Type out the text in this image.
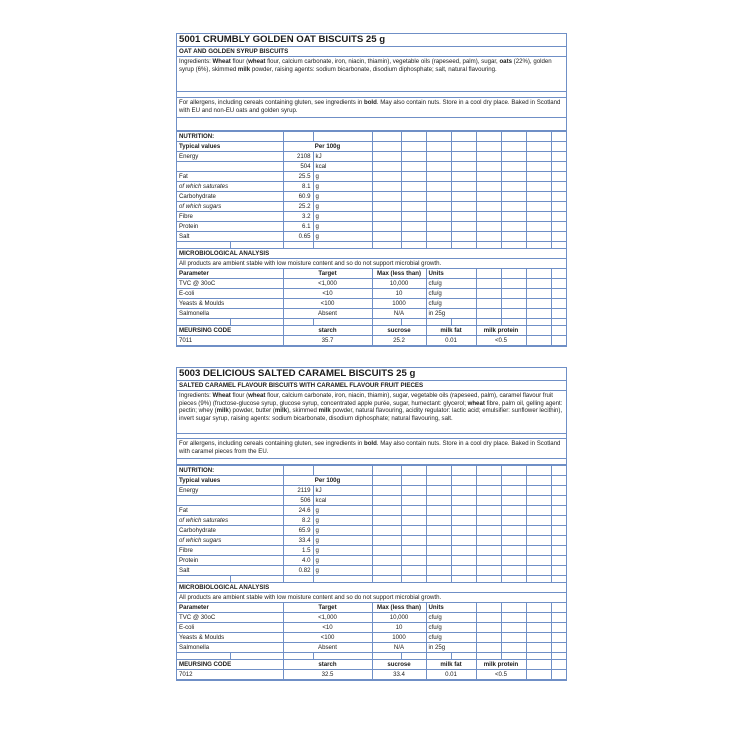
5001 CRUMBLY GOLDEN OAT BISCUITS 25 g
OAT AND GOLDEN SYRUP BISCUITS
Ingredients: Wheat flour (wheat flour, calcium carbonate, iron, niacin, thiamin), vegetable oils (rapeseed, palm), sugar, oats (22%), golden syrup (6%), skimmed milk powder, raising agents: sodium bicarbonate, disodium diphosphate; salt, natural flavouring.
For allergens, including cereals containing gluten, see ingredients in bold. May also contain nuts. Store in a cool dry place. Baked in Scotland with EU and non-EU oats and golden syrup.
NUTRITION:											
Typical values		Per 100g									
Energy		2108	kJ								
		504	kcal								
Fat		25.5	g								
of which saturates		8.1	g								
Carbohydrate		60.9	g								
of which sugars		25.2	g								
Fibre		3.2	g								
Protein		6.1	g								
Salt		0.65	g								

MICROBIOLOGICAL ANALYSIS											
All products are ambient stable with low moisture content and so do not support microbial growth.											
Parameter		Target		Max (less than)		Units					
TVC @ 30oC		<1,000		10,000		cfu/g					
E-coli		<10		10		cfu/g					
Yeasts & Moulds		<100		1000		cfu/g					
Salmonella		Absent		N/A		in 25g					

MEURSING CODE		starch		sucrose		milk fat		milk protein			
7011		35.7		25.2		0.01		<0.5			
5003 DELICIOUS SALTED CARAMEL BISCUITS 25 g
SALTED CARAMEL FLAVOUR BISCUITS WITH CARAMEL FLAVOUR FRUIT PIECES
Ingredients: Wheat flour (wheat flour, calcium carbonate, iron, niacin, thiamin), sugar, vegetable oils (rapeseed, palm), caramel flavour fruit pieces (9%) (fructose-glucose syrup, glucose syrup, concentrated apple purée, sugar, humectant: glycerol; wheat fibre, palm oil, gelling agent: pectin; whey (milk) powder, butter (milk), skimmed milk powder, natural flavouring, acidity regulator: lactic acid; emulsifier: sunflower lecithin), invert sugar syrup, raising agents: sodium bicarbonate, disodium diphosphate; natural flavouring, salt.
For allergens, including cereals containing gluten, see ingredients in bold. May also contain nuts. Store in a cool dry place. Baked in Scotland with caramel pieces from the EU.
NUTRITION:											
Typical values		Per 100g									
Energy		2119	kJ								
		506	kcal								
Fat		24.6	g								
of which saturates		8.2	g								
Carbohydrate		65.9	g								
of which sugars		33.4	g								
Fibre		1.5	g								
Protein		4.0	g								
Salt		0.82	g								

MICROBIOLOGICAL ANALYSIS											
All products are ambient stable with low moisture content and so do not support microbial growth.											
Parameter		Target		Max (less than)		Units					
TVC @ 30oC		<1,000		10,000		cfu/g					
E-coli		<10		10		cfu/g					
Yeasts & Moulds		<100		1000		cfu/g					
Salmonella		Absent		N/A		in 25g					

MEURSING CODE		starch		sucrose		milk fat		milk protein			
7012		32.5		33.4		0.01		<0.5			
